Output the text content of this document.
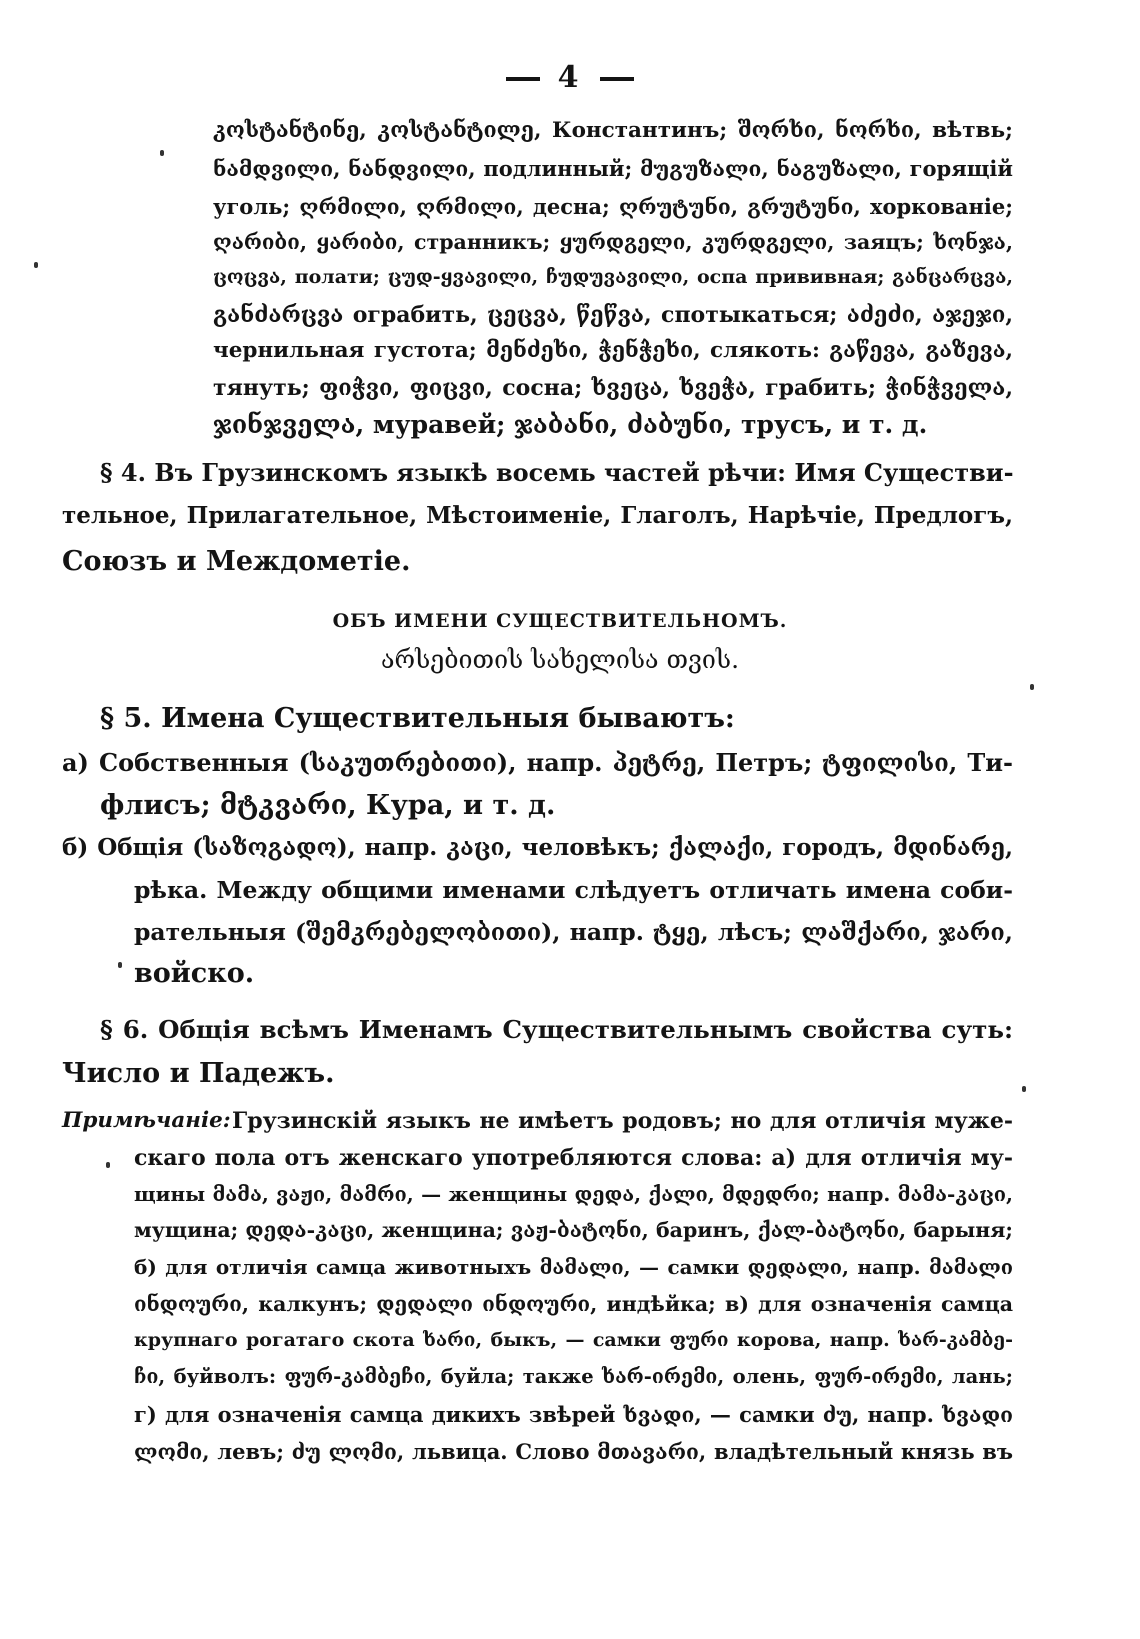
4
კოსტანტინე, კოსტანტილე, Константинъ; შორხი, ნორხი, вѣтвь;
ნამდვილი, ნანდვილი, подлинный; მუგუზალი, ნაგუზალი, горящій
уголь; ღრმილი, ღრმილი, десна; ღრუტუნი, გრუტუნი, хоркованіе;
ღარიბი, ყარიბი, странникъ; ყურდგელი, კურდგელი, заяцъ; ხონჯა,
ცოცვა, полати; ცუდ-ყვავილი, ჩუდუვავილი, оспа прививная; განცარცვა,
განძარცვა ограбить, ცეცვა, წეწვა, спотыкаться; აძეძი, აჯეჯი,
чернильная густота; მენძეხი, ჭენჭეხი, слякоть: გაწევა, გაზევა,
тянуть; ფიჭვი, ფიცვი, сосна; ხვეცა, ხვეჭა, грабить; ჭინჭველა,
ჯინჯველა, муравей; ჯაბანი, ძაბუნი, трусъ, и т. д.
§ 4. Въ Грузинскомъ языкѣ восемь частей рѣчи: Имя Существи-
тельное, Прилагательное, Мѣстоименіе, Глаголъ, Нарѣчіе, Предлогъ,
Союзъ и Междометіе.
ОБЪ ИМЕНИ СУЩЕСТВИТЕЛЬНОМЪ.
არსებითის სახელისა თვის.
§ 5. Имена Существительныя бываютъ:
а) Собственныя (საკუთრებითი), напр. პეტრე, Петръ; ტფილისი, Ти-
флисъ; მტკვარი, Кура, и т. д.
б) Общія (საზოგადო), напр. კაცი, человѣкъ; ქალაქი, городъ, მდინარე,
рѣка. Между общими именами слѣдуетъ отличать имена соби-
рательныя (შემკრებელობითი), напр. ტყე, лѣсъ; ლაშქარი, ჯარი,
войско.
§ 6. Общія всѣмъ Именамъ Существительнымъ свойства суть:
Число и Падежъ.
Примѣчаніе: Грузинскій языкъ не имѣетъ родовъ; но для отличія муже-
скаго пола отъ женскаго употребляются слова: а) для отличія му-
щины მამა, ვაჟი, მამრი, — женщины დედა, ქალი, მდედრი; напр. მამა-კაცი,
мущина; დედა-კაცი, женщина; ვაჟ-ბატონი, баринъ, ქალ-ბატონი, барыня;
б) для отличія самца животныхъ მამალი, — самки დედალი, напр. მამალი
ინდოური, калкунъ; დედალი ინდოური, индѣйка; в) для означенія самца
крупнаго рогатаго скота ხარი, быкъ, — самки ფური корова, напр. ხარ-კამბე-
ჩი, буйволъ: ფურ-კამბეჩი, буйла; также ხარ-ირემი, олень, ფურ-ირემი, лань;
г) для означенія самца дикихъ звѣрей ხვადი, — самки ძუ, напр. ხვადი
ლომი, левъ; ძუ ლომი, львица. Слово მთავარი, владѣтельный князь въ
